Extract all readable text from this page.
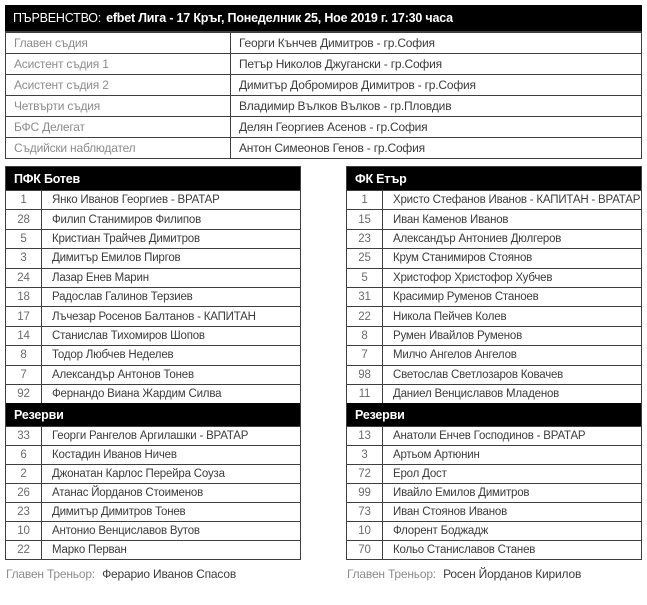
ПЪРВЕНСТВО: efbet Лига - 17 Кръг, Понеделник 25, Ное 2019 г. 17:30 часа
Главен съдия	Георги Кънчев Димитров - гр.София
Асистент съдия 1	Петър Николов Джугански - гр.София
Асистент съдия 2	Димитър Добромиров Димитров - гр.София
Четвърти съдия	Владимир Вълков Вълков - гр.Пловдив
БФС Делегат	Делян Георгиев Асенов - гр.София
Съдийски наблюдател	Антон Симеонов Генов - гр.София
ПФК Ботев
1	Янко Иванов Георгиев - ВРАТАР
28	Филип Станимиров Филипов
5	Кристиан Трайчев Димитров
3	Димитър Емилов Пиргов
24	Лазар Енев Марин
18	Радослав Галинов Терзиев
17	Лъчезар Росенов Балтанов - КАПИТАН
14	Станислав Тихомиров Шопов
8	Тодор Любчев Неделев
7	Александър Антонов Тонев
92	Фернандо Виана Жардим Силва
Резерви
33	Георги Рангелов Аргилашки - ВРАТАР
6	Костадин Иванов Ничев
2	Джонатан Карлос Перейра Соуза
26	Атанас Йорданов Стоименов
23	Димитър Димитров Тонев
10	Антонио Венциславов Вутов
22	Марко Перван
Главен Треньор: Ферарио Иванов Спасов
ФК Етър
1	Христо Стефанов Иванов - КАПИТАН - ВРАТАР
15	Иван Каменов Иванов
23	Александър Антониев Дюлгеров
25	Крум Станимиров Стоянов
5	Христофор Христофор Хубчев
31	Красимир Руменов Станоев
22	Никола Пейчев Колев
8	Румен Ивайлов Руменов
7	Милчо Ангелов Ангелов
98	Светослав Светлозаров Ковачев
11	Даниел Венциславов Младенов
Резерви
13	Анатоли Енчев Господинов - ВРАТАР
3	Артьом Артюнин
72	Ерол Дост
99	Ивайло Емилов Димитров
73	Иван Стоянов Иванов
10	Флорент Боджадж
70	Кольо Станиславов Станев
Главен Треньор: Росен Йорданов Кирилов
